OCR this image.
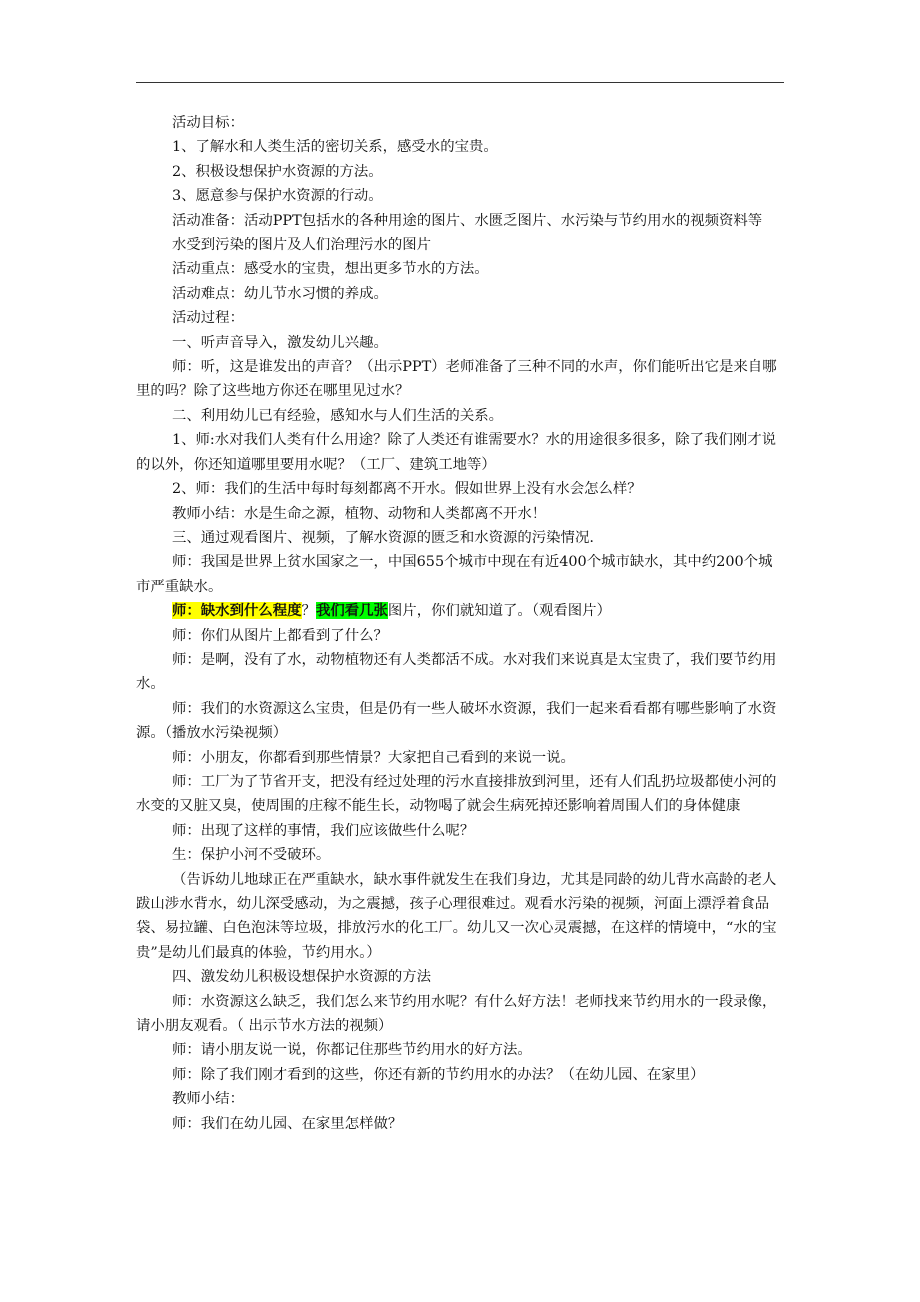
活动目标：

1、了解水和人类生活的密切关系，感受水的宝贵。

2、积极设想保护水资源的方法。

3、愿意参与保护水资源的行动。

活动准备：活动PPT包括水的各种用途的图片、水匮乏图片、水污染与节约用水的视频资料等

水受到污染的图片及人们治理污水的图片

活动重点：感受水的宝贵，想出更多节水的方法。

活动难点：幼儿节水习惯的养成。

活动过程：

一、听声音导入，激发幼儿兴趣。

师：听，这是谁发出的声音？（出示PPT）老师准备了三种不同的水声，你们能听出它是来自哪里的吗？除了这些地方你还在哪里见过水？

二、利用幼儿已有经验，感知水与人们生活的关系。

1、师:水对我们人类有什么用途？除了人类还有谁需要水？水的用途很多很多，除了我们刚才说的以外，你还知道哪里要用水呢？（工厂、建筑工地等）

2、师：我们的生活中每时每刻都离不开水。假如世界上没有水会怎么样？

教师小结：水是生命之源，植物、动物和人类都离不开水！

三、通过观看图片、视频，了解水资源的匮乏和水资源的污染情况.

师：我国是世界上贫水国家之一，中国655个城市中现在有近400个城市缺水，其中约200个城市严重缺水。

师：缺水到什么程度？我们看几张图片，你们就知道了。（观看图片）

师：你们从图片上都看到了什么？

师：是啊，没有了水，动物植物还有人类都活不成。水对我们来说真是太宝贵了，我们要节约用水。

师：我们的水资源这么宝贵，但是仍有一些人破坏水资源，我们一起来看看都有哪些影响了水资源。（播放水污染视频）

师：小朋友，你都看到那些情景？大家把自己看到的来说一说。

师：工厂为了节省开支，把没有经过处理的污水直接排放到河里，还有人们乱扔垃圾都使小河的水变的又脏又臭，使周围的庄稼不能生长，动物喝了就会生病死掉还影响着周围人们的身体健康

师：出现了这样的事情，我们应该做些什么呢？

生：保护小河不受破环。

（告诉幼儿地球正在严重缺水，缺水事件就发生在我们身边，尤其是同龄的幼儿背水高龄的老人跋山涉水背水，幼儿深受感动，为之震撼，孩子心理很难过。观看水污染的视频，河面上漂浮着食品袋、易拉罐、白色泡沫等垃圾，排放污水的化工厂。幼儿又一次心灵震撼，在这样的情境中，“水的宝贵”是幼儿们最真的体验，节约用水。）

四、激发幼儿积极设想保护水资源的方法

师：水资源这么缺乏，我们怎么来节约用水呢？有什么好方法！老师找来节约用水的一段录像，请小朋友观看。（ 出示节水方法的视频）

师：请小朋友说一说，你都记住那些节约用水的好方法。

师：除了我们刚才看到的这些，你还有新的节约用水的办法？（在幼儿园、在家里）

教师小结：

师：我们在幼儿园、在家里怎样做？
